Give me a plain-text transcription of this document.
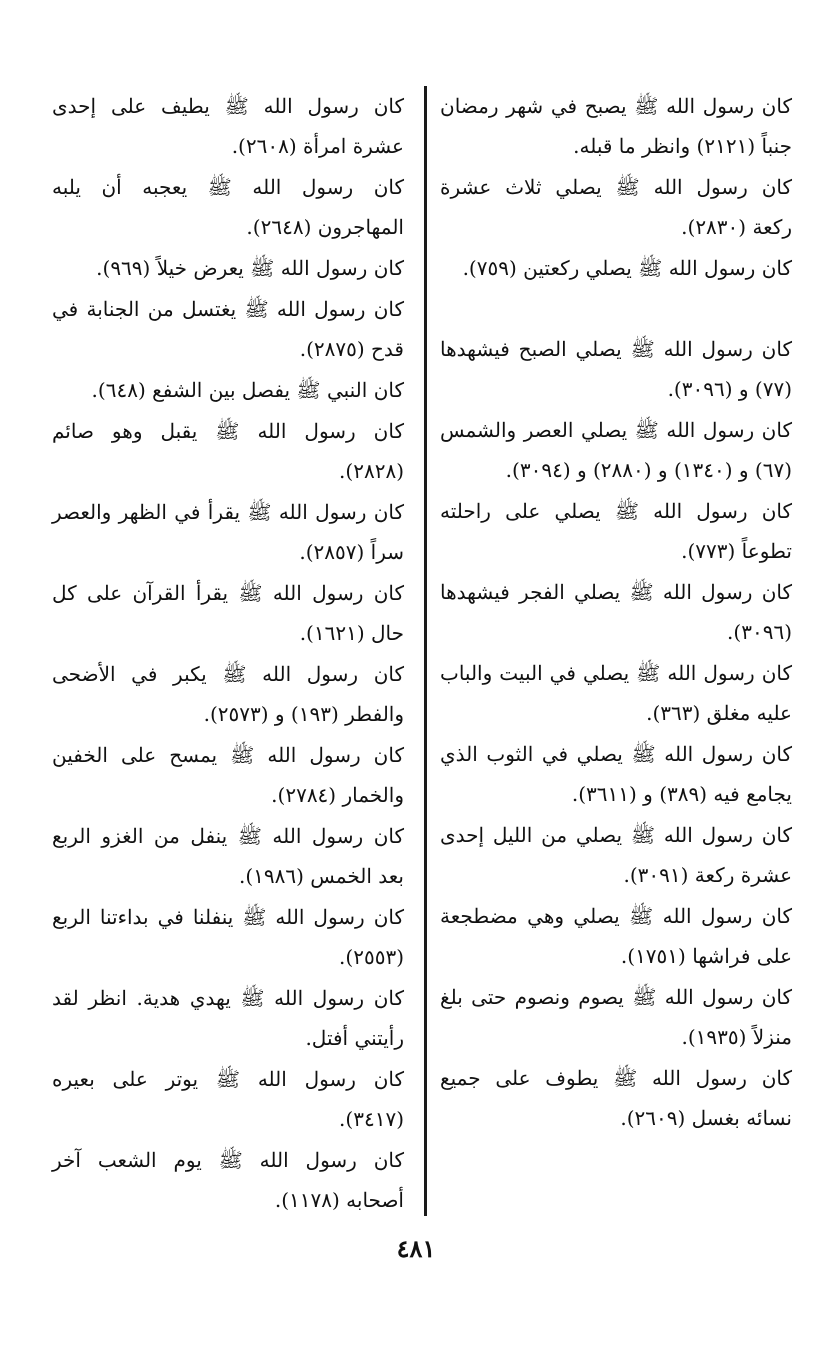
كان رسول الله ﷺ يصبح في شهر رمضان جنباً (٢١٢١) وانظر ما قبله.

كان رسول الله ﷺ يصلي ثلاث عشرة ركعة (٢٨٣٠).

كان رسول الله ﷺ يصلي ركعتين (٧٥٩).

كان رسول الله ﷺ يصلي الصبح فيشهدها (٧٧) و (٣٠٩٦).

كان رسول الله ﷺ يصلي العصر والشمس (٦٧) و (١٣٤٠) و (٢٨٨٠) و (٣٠٩٤).

كان رسول الله ﷺ يصلي على راحلته تطوعاً (٧٧٣).

كان رسول الله ﷺ يصلي الفجر فيشهدها (٣٠٩٦).

كان رسول الله ﷺ يصلي في البيت والباب عليه مغلق (٣٦٣).

كان رسول الله ﷺ يصلي في الثوب الذي يجامع فيه (٣٨٩) و (٣٦١١).

كان رسول الله ﷺ يصلي من الليل إحدى عشرة ركعة (٣٠٩١).

كان رسول الله ﷺ يصلي وهي مضطجعة على فراشها (١٧٥١).

كان رسول الله ﷺ يصوم ونصوم حتى بلغ منزلاً (١٩٣٥).

كان رسول الله ﷺ يطوف على جميع نسائه بغسل (٢٦٠٩).

كان رسول الله ﷺ يطيف على إحدى عشرة امرأة (٢٦٠٨).

كان رسول الله ﷺ يعجبه أن يلبه المهاجرون (٢٦٤٨).

كان رسول الله ﷺ يعرض خيلاً (٩٦٩).

كان رسول الله ﷺ يغتسل من الجنابة في قدح (٢٨٧٥).

كان النبي ﷺ يفصل بين الشفع (٦٤٨).

كان رسول الله ﷺ يقبل وهو صائم (٢٨٢٨).

كان رسول الله ﷺ يقرأ في الظهر والعصر سراً (٢٨٥٧).

كان رسول الله ﷺ يقرأ القرآن على كل حال (١٦٢١).

كان رسول الله ﷺ يكبر في الأضحى والفطر (١٩٣) و (٢٥٧٣).

كان رسول الله ﷺ يمسح على الخفين والخمار (٢٧٨٤).

كان رسول الله ﷺ ينفل من الغزو الربع بعد الخمس (١٩٨٦).

كان رسول الله ﷺ ينفلنا في بداءتنا الربع (٢٥٥٣).

كان رسول الله ﷺ يهدي هدية. انظر لقد رأيتني أفتل.

كان رسول الله ﷺ يوتر على بعيره (٣٤١٧).

كان رسول الله ﷺ يوم الشعب آخر أصحابه (١١٧٨).

٤٨١
